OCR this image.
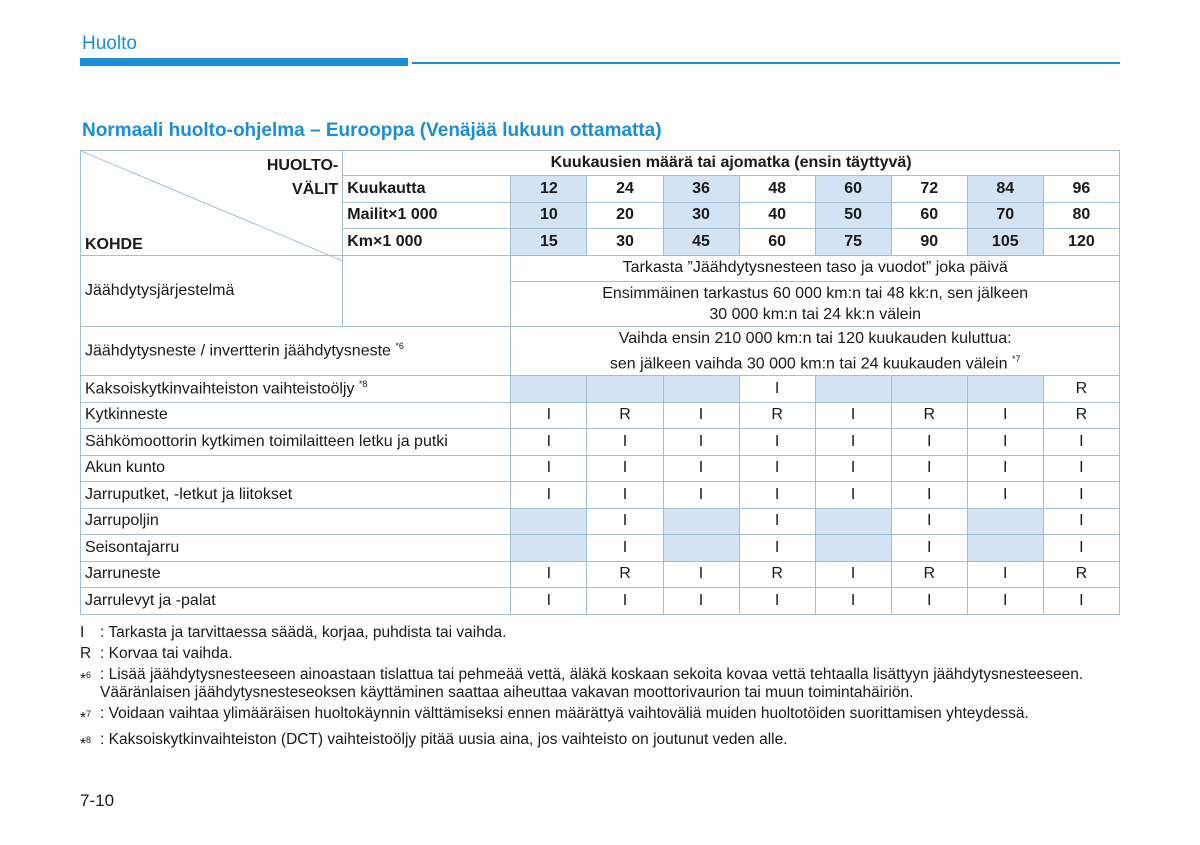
Huolto
Normaali huolto-ohjelma – Eurooppa (Venäjää lukuun ottamatta)
HUOLTO-
VÄLIT
KOHDE	Kuukausien määrä tai ajomatka (ensin täyttyvä)								
	Kuukautta	12	24	36	48	60	72	84	96
	Mailit×1 000	10	20	30	40	50	60	70	80
	Km×1 000	15	30	45	60	75	90	105	120
Jäähdytysjärjestelmä		Tarkasta ”Jäähdytysnesteen taso ja vuodot” joka päivä							

		Ensimmäinen tarkastus 60 000 km:n tai 48 kk:n, sen jälkeen
30 000 km:n tai 24 kk:n välein							

Jäähdytysneste / invertterin jäähdytysneste $^{*6}$		Vaihda ensin 210 000 km:n tai 120 kuukauden kuluttua:
sen jälkeen vaihda 30 000 km:n tai 24 kuukauden välein $^{*7}$

Kaksoiskytkinvaihteiston vaihteistoöljy $^{*8}$					I				R
Kytkinneste		I	R	I	R	I	R	I	R
Sähkömoottorin kytkimen toimilaitteen letku ja putki		I	I	I	I	I	I	I	I
Akun kunto		I	I	I	I	I	I	I	I
Jarruputket, -letkut ja liitokset		I	I	I	I	I	I	I	I
Jarrupoljin			I		I		I		I
Seisontajarru			I		I		I		I
Jarruneste		I	R	I	R	I	R	I	R
Jarrulevyt ja -palat		I	I	I	I	I	I	I	I
I	: Tarkasta ja tarvittaessa säädä, korjaa, puhdista tai vaihda.
R : Korvaa tai vaihda.
*$^6$ : Lisää jäähdytysnesteeseen ainoastaan tislattua tai pehmeää vettä, äläkä koskaan sekoita kovaa vettä tehtaalla lisättyyn jäähdytysnesteeseen. Vääränlaisen jäähdytysnesteseoksen käyttäminen saattaa aiheuttaa vakavan moottorivaurion tai muun toimintahäiriön.
*$^7$ : Voidaan vaihtaa ylimääräisen huoltokäynnin välttämiseksi ennen määrättyä vaihtoväliä muiden huoltotöiden suorittamisen yhteydessä.
*$^8$ : Kaksoiskytkinvaihteiston (DCT) vaihteistoöljy pitää uusia aina, jos vaihteisto on joutunut veden alle.
7-10
